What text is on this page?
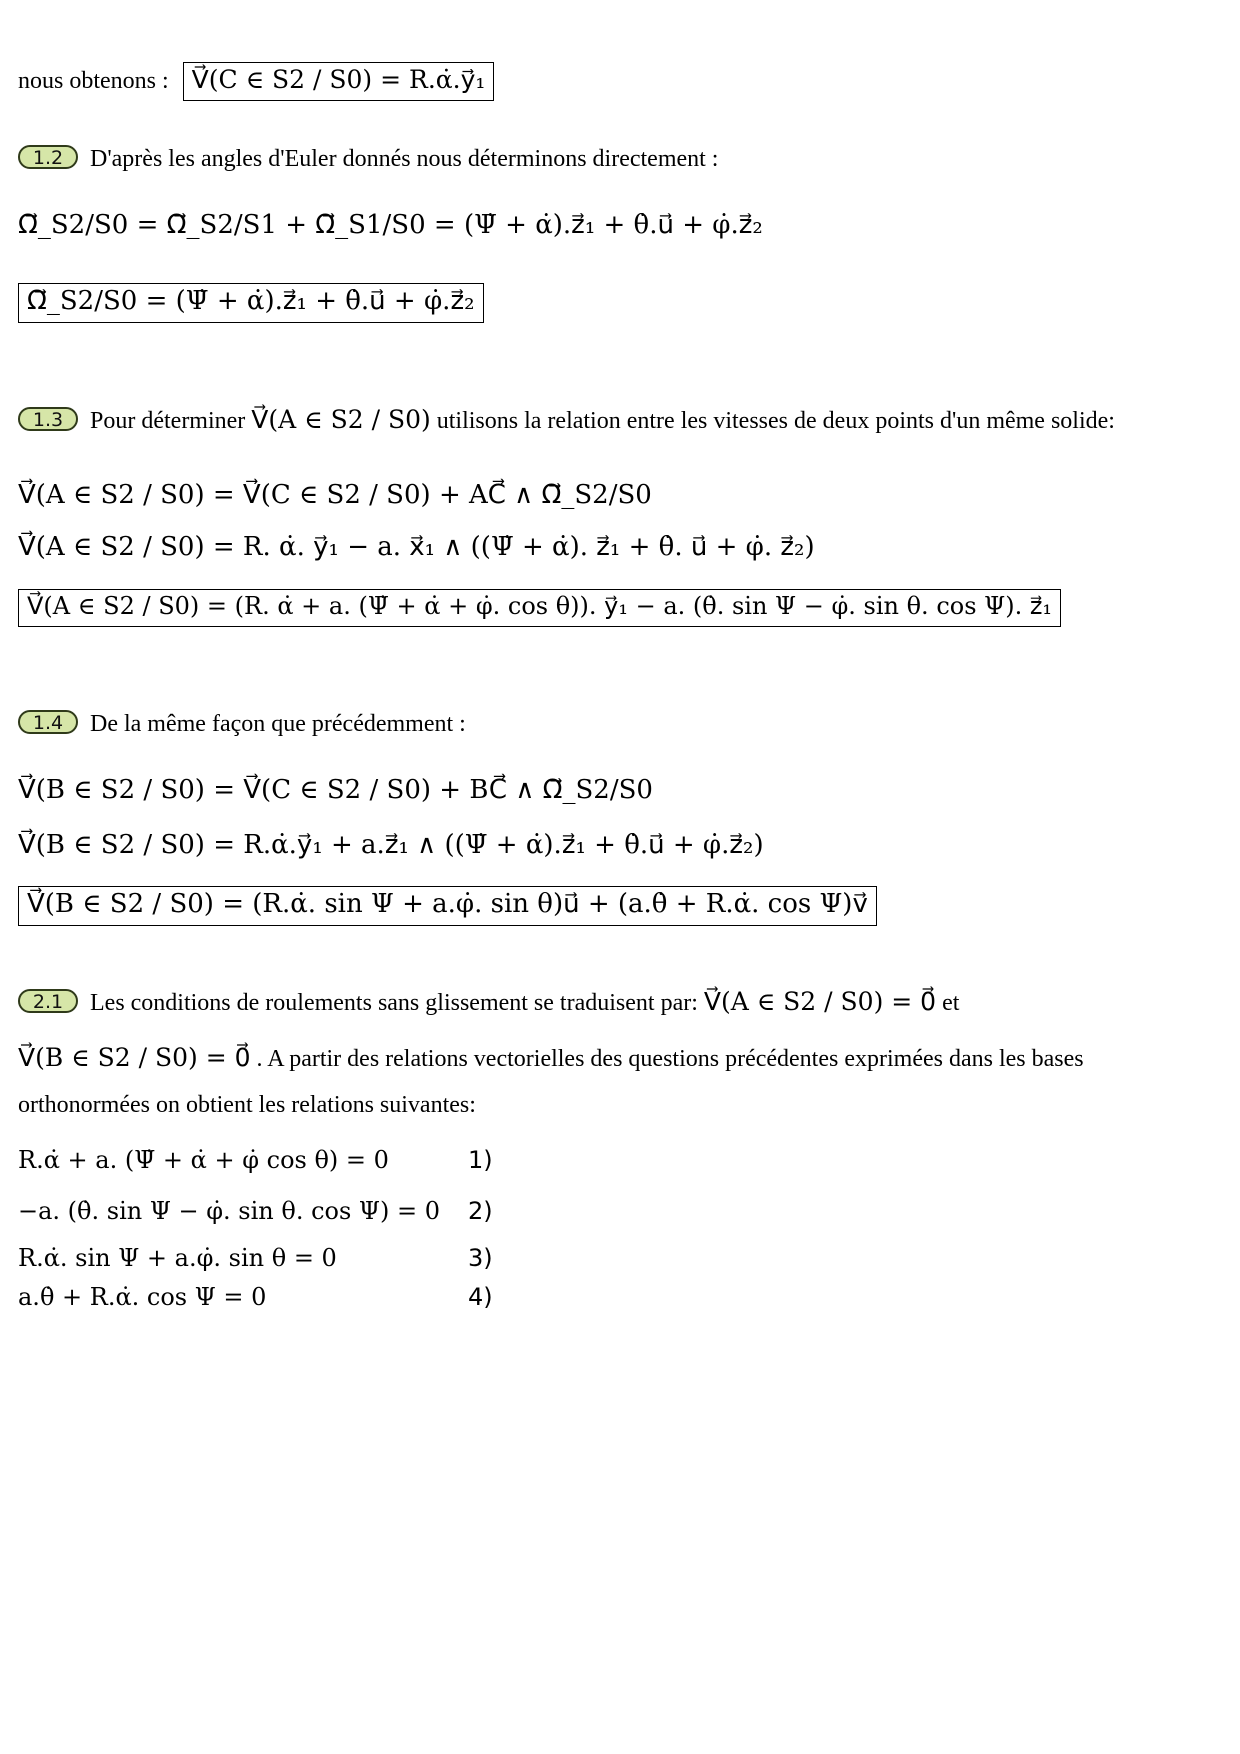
nous obtenons : V⃗(C ∈ S2 / S0) = R.α̇.y⃗₁
1.2 D'après les angles d'Euler donnés nous déterminons directement :
Ω⃗_S2/S0 = Ω⃗_S2/S1 + Ω⃗_S1/S0 = (Ψ̇ + α̇).z⃗₁ + θ̇.u⃗ + φ̇.z⃗₂
Ω⃗_S2/S0 = (Ψ̇ + α̇).z⃗₁ + θ̇.u⃗ + φ̇.z⃗₂
1.3 Pour déterminer V⃗(A ∈ S2 / S0) utilisons la relation entre les vitesses de deux points d'un même solide:
V⃗(A ∈ S2 / S0) = V⃗(C ∈ S2 / S0) + AC⃗ ∧ Ω⃗_S2/S0
V⃗(A ∈ S2 / S0) = R. α̇. y⃗₁ − a. x⃗₁ ∧ ((Ψ̇ + α̇). z⃗₁ + θ̇. u⃗ + φ̇. z⃗₂)
V⃗(A ∈ S2 / S0) = (R. α̇ + a. (Ψ̇ + α̇ + φ̇. cos θ)). y⃗₁ − a. (θ̇. sin Ψ − φ̇. sin θ. cos Ψ). z⃗₁
1.4 De la même façon que précédemment :
V⃗(B ∈ S2 / S0) = V⃗(C ∈ S2 / S0) + BC⃗ ∧ Ω⃗_S2/S0
V⃗(B ∈ S2 / S0) = R.α̇.y⃗₁ + a.z⃗₁ ∧ ((Ψ̇ + α̇).z⃗₁ + θ̇.u⃗ + φ̇.z⃗₂)
V⃗(B ∈ S2 / S0) = (R.α̇. sin Ψ + a.φ̇. sin θ)u⃗ + (a.θ̇ + R.α̇. cos Ψ)v⃗
2.1 Les conditions de roulements sans glissement se traduisent par: V⃗(A ∈ S2 / S0) = 0⃗ et
V⃗(B ∈ S2 / S0) = 0⃗ . A partir des relations vectorielles des questions précédentes exprimées dans les bases
orthonormées on obtient les relations suivantes:
R.α̇ + a. (Ψ̇ + α̇ + φ̇ cos θ) = 0	1)
−a. (θ̇. sin Ψ − φ̇. sin θ. cos Ψ) = 0 2)
R.α̇. sin Ψ + a.φ̇. sin θ = 0	3)
a.θ̇ + R.α̇. cos Ψ = 0	4)
